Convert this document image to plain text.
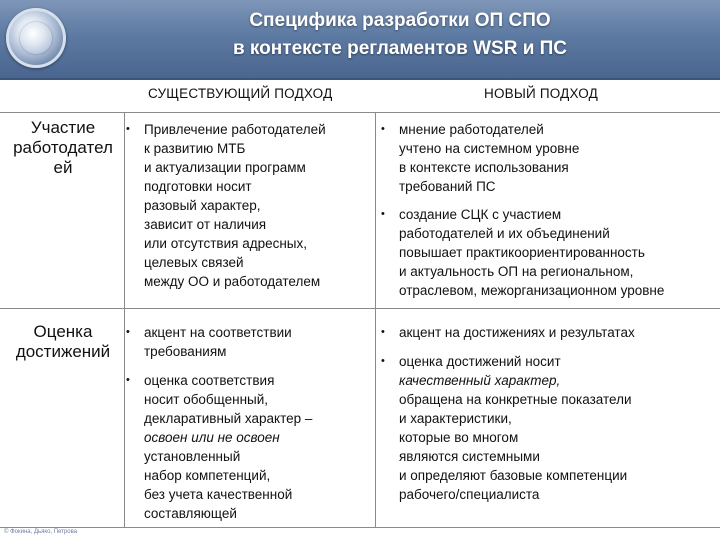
Специфика разработки ОП СПО
в контексте регламентов WSR и ПС
СУЩЕСТВУЮЩИЙ ПОДХОД	НОВЫЙ ПОДХОД
Участие
работодател
ей
• Привлечение работодателей
к развитию МТБ
и актуализации программ
подготовки носит
разовый характер,
зависит от наличия
или отсутствия адресных,
целевых связей
между ОО и работодателем
• мнение работодателей
учтено на системном уровне
в контексте использования
требований ПС
• создание СЦК с участием
работодателей и их объединений
повышает практикоориентированность
и актуальность ОП на региональном,
отраслевом, межорганизационном уровне
Оценка
достижений
• акцент на соответствии
требованиям
• оценка соответствия
носит обобщенный,
декларативный характер –
освоен или не освоен
установленный
набор компетенций,
без учета качественной
составляющей
• акцент на достижениях и результатах
• оценка достижений носит
качественный характер,
обращена на конкретные показатели
и характеристики,
которые во многом
являются системными
и определяют базовые компетенции
рабочего/специалиста
© Фокина, Дьяко, Петрова
